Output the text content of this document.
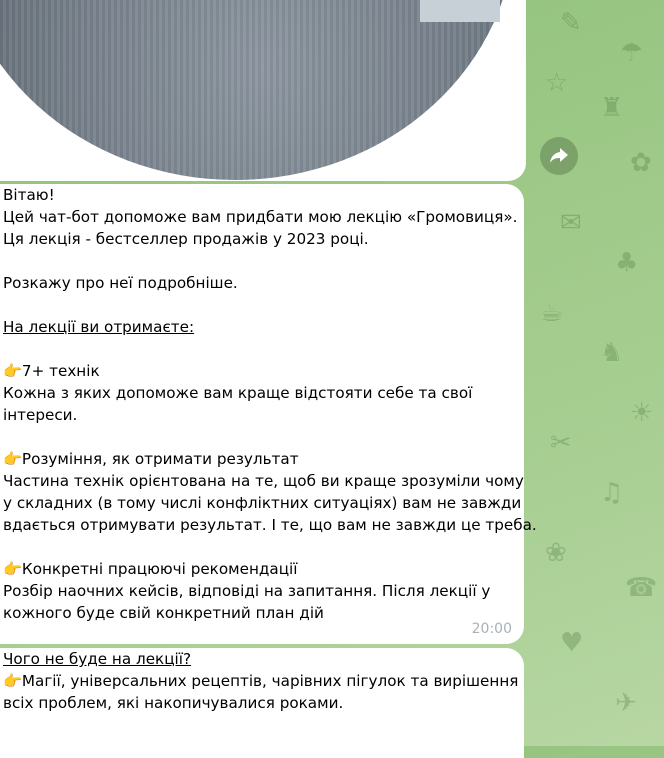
✎
☂
☆
♜
✿
✉
♣
☕
♞
☀
✂
♫
❀
☎
♥
✈
Вітаю!
Цей чат-бот допоможе вам придбати мою лекцію «Громовиця».
Ця лекція - бестселлер продажів у 2023 році.
Розкажу про неї подробніше.
На лекції ви отримаєте:
👉7+ технік
Кожна з яких допоможе вам краще відстояти себе та свої
інтереси.
👉Розуміння, як отримати результат
Частина технік орієнтована на те, щоб ви краще зрозуміли чому
у складних (в тому числі конфліктних ситуаціях) вам не завжди
вдається отримувати результат. І те, що вам не завжди це треба.
👉Конкретні працюючі рекомендації
Розбір наочних кейсів, відповіді на запитання. Після лекції у
кожного буде свій конкретний план дій
20:00
Чого не буде на лекції?
👉Магії, універсальних рецептів, чарівних пігулок та вирішення
всіх проблем, які накопичувалися роками.
